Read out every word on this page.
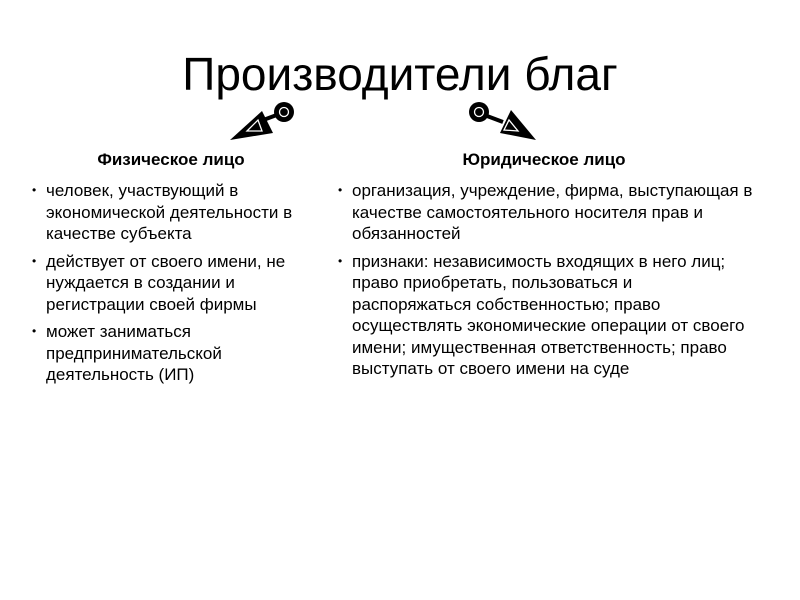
Производители благ
Физическое лицо
• человек, участвующий в экономической деятельности в качестве субъекта
• действует от своего имени, не нуждается в создании и регистрации своей фирмы
• может заниматься предпринимательской деятельность (ИП)
Юридическое лицо
• организация, учреждение, фирма, выступающая в качестве самостоятельного носителя прав и обязанностей
• признаки: независимость входящих в него лиц; право приобретать, пользоваться и распоряжаться собственностью; право осуществлять экономические операции от своего имени; имущественная ответственность; право выступать от своего имени на суде
